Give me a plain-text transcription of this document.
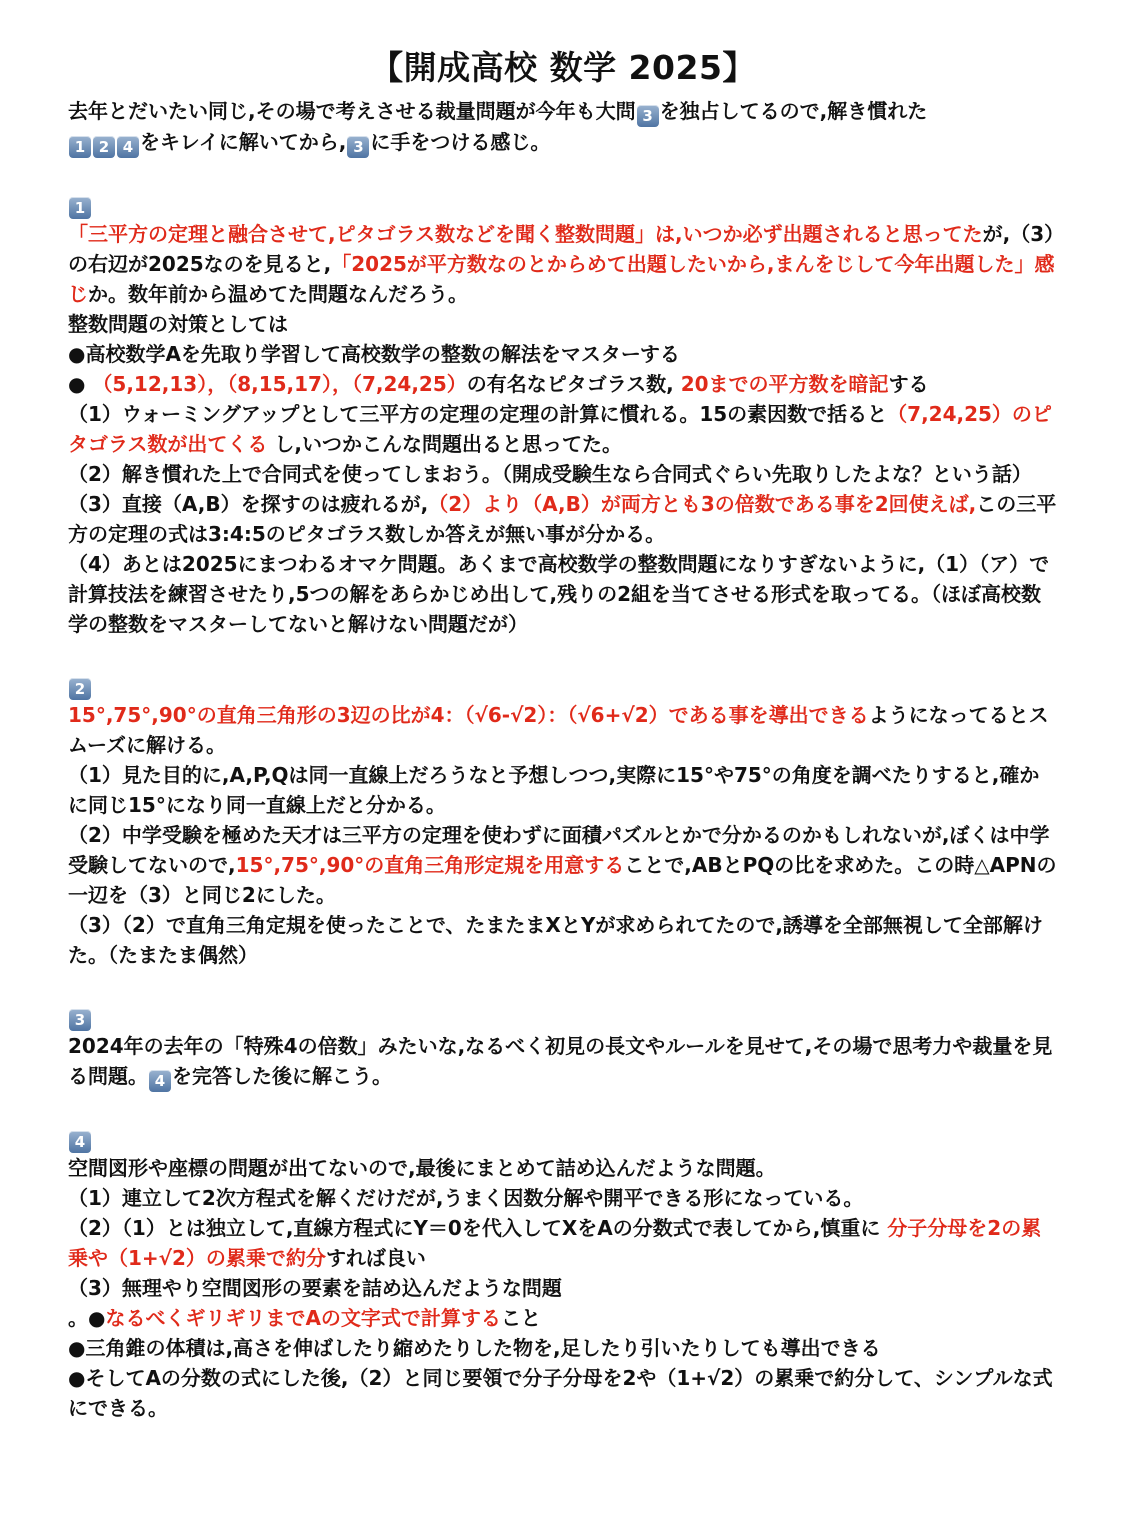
【開成高校 数学 2025】
去年とだいたい同じ,その場で考えさせる裁量問題が今年も大問 3 を独占してるので,解き慣れた
1 2 4 をキレイに解いてから, 3 に手をつける感じ。
1
「三平方の定理と融合させて,ピタゴラス数などを聞く整数問題」は,いつか必ず出題されると思ってたが,（3）の右辺が2025なのを見ると,「2025が平方数なのとからめて出題したいから,まんをじして今年出題した」感じか。数年前から温めてた問題なんだろう。
整数問題の対策としては
●高校数学Aを先取り学習して高校数学の整数の解法をマスターする
● （5,12,13），（8,15,17），（7,24,25）の有名なピタゴラス数, 20までの平方数を暗記する
（1）ウォーミングアップとして三平方の定理の定理の計算に慣れる。15の素因数で括ると（7,24,25）のピタゴラス数が出てくる し,いつかこんな問題出ると思ってた。
（2）解き慣れた上で合同式を使ってしまおう。（開成受験生なら合同式ぐらい先取りしたよな？という話）
（3）直接（A,B）を探すのは疲れるが,（2）より（A,B）が両方とも3の倍数である事を2回使えば,この三平方の定理の式は3:4:5のピタゴラス数しか答えが無い事が分かる。
（4）あとは2025にまつわるオマケ問題。あくまで高校数学の整数問題になりすぎないように,（1）（ア）で計算技法を練習させたり,5つの解をあらかじめ出して,残りの2組を当てさせる形式を取ってる。（ほぼ高校数学の整数をマスターしてないと解けない問題だが）
2
15°,75°,90°の直角三角形の3辺の比が4：（√6-√2）：（√6+√2）である事を導出できるようになってるとスムーズに解ける。
（1）見た目的に,A,P,Qは同一直線上だろうなと予想しつつ,実際に15°や75°の角度を調べたりすると,確かに同じ15°になり同一直線上だと分かる。
（2）中学受験を極めた天才は三平方の定理を使わずに面積パズルとかで分かるのかもしれないが,ぼくは中学受験してないので,15°,75°,90°の直角三角形定規を用意することで,ABとPQの比を求めた。この時△APNの一辺を（3）と同じ2にした。
（3）（2）で直角三角定規を使ったことで、たまたまXとYが求められてたので,誘導を全部無視して全部解けた。（たまたま偶然）
3
2024年の去年の「特殊4の倍数」みたいな,なるべく初見の長文やルールを見せて,その場で思考力や裁量を見る問題。 4 を完答した後に解こう。
4
空間図形や座標の問題が出てないので,最後にまとめて詰め込んだような問題。
（1）連立して2次方程式を解くだけだが,うまく因数分解や開平できる形になっている。
（2）（1）とは独立して,直線方程式にY＝0を代入してXをAの分数式で表してから,慎重に 分子分母を2の累乗や（1+√2）の累乗で約分すれば良い
（3）無理やり空間図形の要素を詰め込んだような問題
。●なるべくギリギリまでAの文字式で計算すること
●三角錐の体積は,高さを伸ばしたり縮めたりした物を,足したり引いたりしても導出できる
●そしてAの分数の式にした後,（2）と同じ要領で分子分母を2や（1+√2）の累乗で約分して、シンプルな式にできる。
